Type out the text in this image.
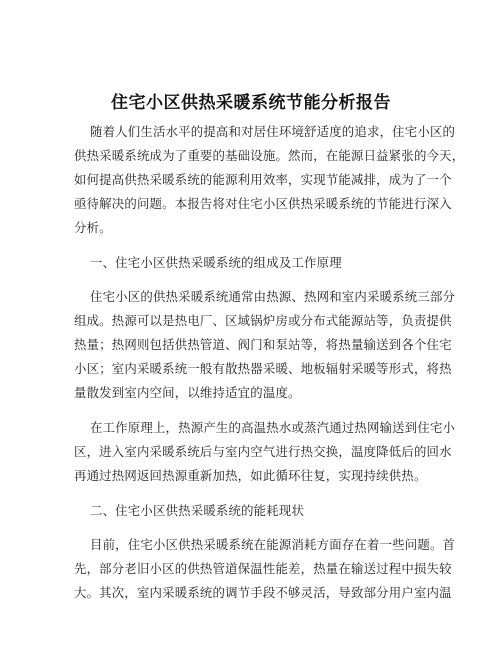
住宅小区供热采暖系统节能分析报告
随着人们生活水平的提高和对居住环境舒适度的追求，住宅小区的
供热采暖系统成为了重要的基础设施。然而，在能源日益紧张的今天，
如何提高供热采暖系统的能源利用效率，实现节能减排，成为了一个
亟待解决的问题。本报告将对住宅小区供热采暖系统的节能进行深入
分析。
一、住宅小区供热采暖系统的组成及工作原理
住宅小区的供热采暖系统通常由热源、热网和室内采暖系统三部分
组成。热源可以是热电厂、区域锅炉房或分布式能源站等，负责提供
热量；热网则包括供热管道、阀门和泵站等，将热量输送到各个住宅
小区；室内采暖系统一般有散热器采暖、地板辐射采暖等形式，将热
量散发到室内空间，以维持适宜的温度。
在工作原理上，热源产生的高温热水或蒸汽通过热网输送到住宅小
区，进入室内采暖系统后与室内空气进行热交换，温度降低后的回水
再通过热网返回热源重新加热，如此循环往复，实现持续供热。
二、住宅小区供热采暖系统的能耗现状
目前，住宅小区供热采暖系统在能源消耗方面存在着一些问题。首
先，部分老旧小区的供热管道保温性能差，热量在输送过程中损失较
大。其次，室内采暖系统的调节手段不够灵活，导致部分用户室内温
